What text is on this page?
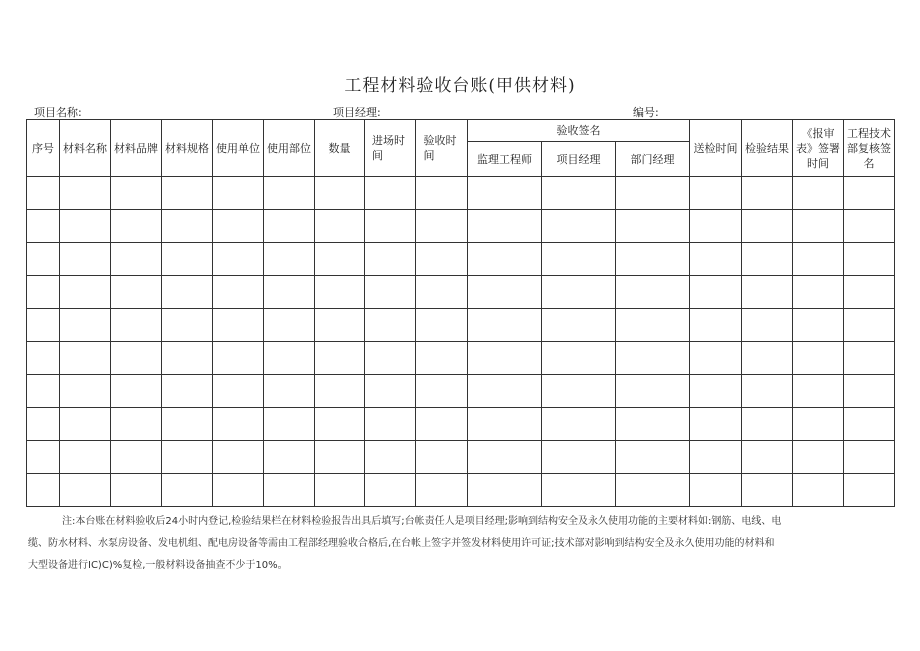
工程材料验收台账(甲供材料)
项目名称:	项目经理:	编号:
序号	材料名称	材料品牌	材料规格	使用单位	使用部位	数量	进场时间	验收时间	验收签名			送检时间	检验结果	《报审表》签署时间	工程技术部复核签名
									监理工程师	项目经理	部门经理				

注:本台账在材料验收后24小时内登记,检验结果栏在材料检验报告出具后填写;台帐责任人是项目经理;影响到结构安全及永久使用功能的主要材料如:钢筋、电线、电
缆、防水材料、水泵房设备、发电机组、配电房设备等需由工程部经理验收合格后,在台帐上签字并签发材料使用许可证;技术部对影响到结构安全及永久使用功能的材料和
大型设备进行IC)C)%复检,一般材料设备抽查不少于10%。
